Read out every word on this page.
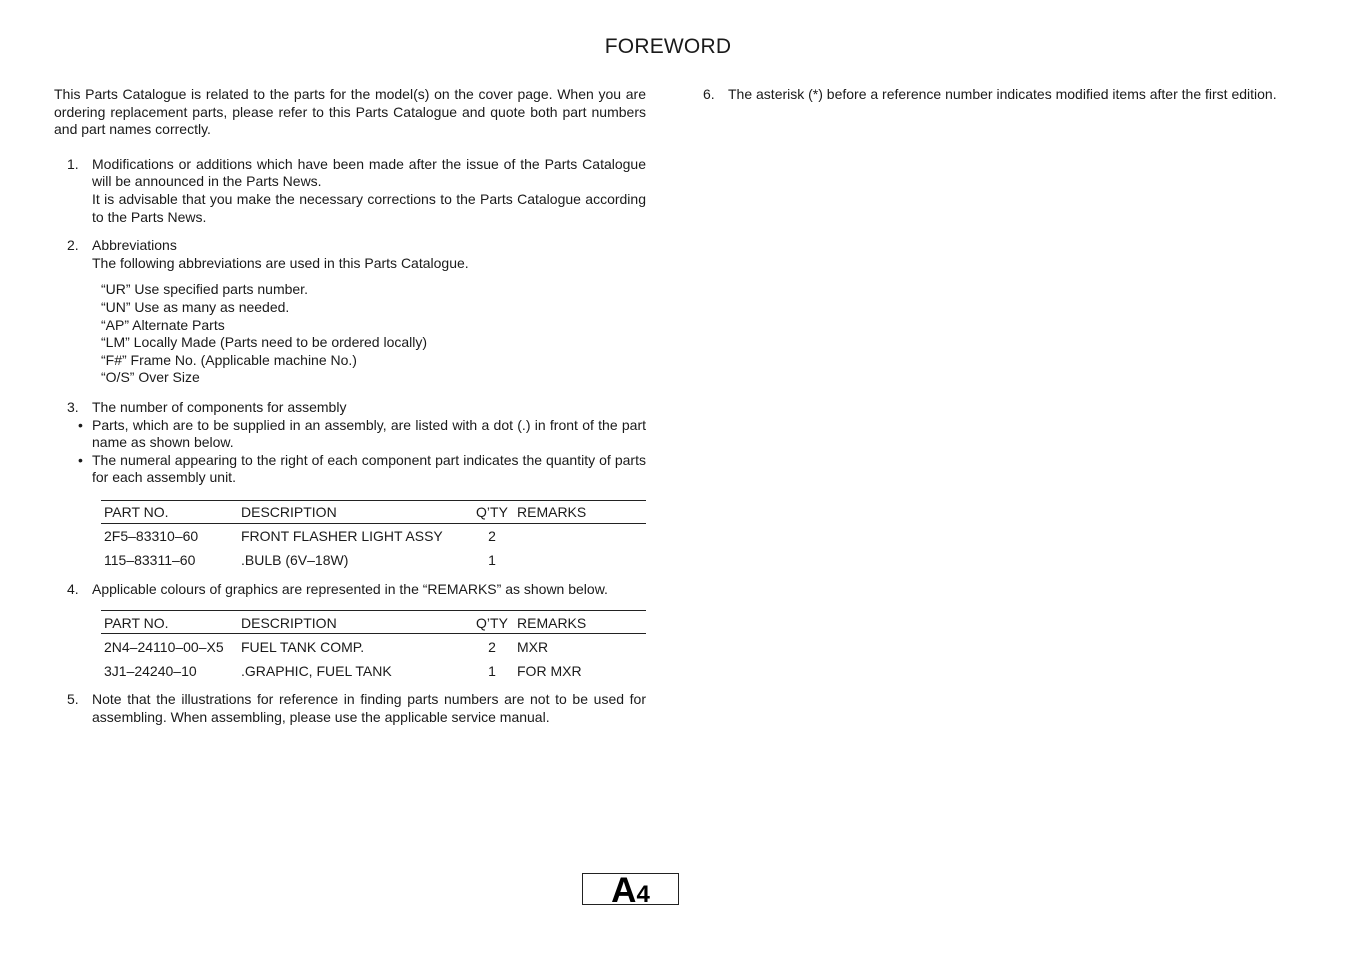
FOREWORD

This Parts Catalogue is related to the parts for the model(s) on the cover page. When you are ordering replacement parts, please refer to this Parts Catalogue and quote both part numbers and part names correctly.

1. Modifications or additions which have been made after the issue of the Parts Catalogue will be announced in the Parts News.
It is advisable that you make the necessary corrections to the Parts Catalogue according to the Parts News.
2. Abbreviations
The following abbreviations are used in this Parts Catalogue.
“UR” Use specified parts number.
“UN” Use as many as needed.
“AP” Alternate Parts
“LM” Locally Made (Parts need to be ordered locally)
“F#” Frame No. (Applicable machine No.)
“O/S” Over Size
3. The number of components for assembly
• Parts, which are to be supplied in an assembly, are listed with a dot (.) in front of the part name as shown below.
• The numeral appearing to the right of each component part indicates the quantity of parts for each assembly unit.
PART NO.	DESCRIPTION	Q’TY	REMARKS
2F5–83310–60	FRONT FLASHER LIGHT ASSY	2	
115–83311–60	.BULB (6V–18W)	1	
4. Applicable colours of graphics are represented in the “REMARKS” as shown below.
PART NO.	DESCRIPTION	Q’TY	REMARKS
2N4–24110–00–X5	FUEL TANK COMP.	2	MXR
3J1–24240–10	.GRAPHIC, FUEL TANK	1	FOR MXR
5. Note that the illustrations for reference in finding parts numbers are not to be used for assembling. When assembling, please use the applicable service manual.
6. The asterisk (*) before a reference number indicates modified items after the first edition.
A4
